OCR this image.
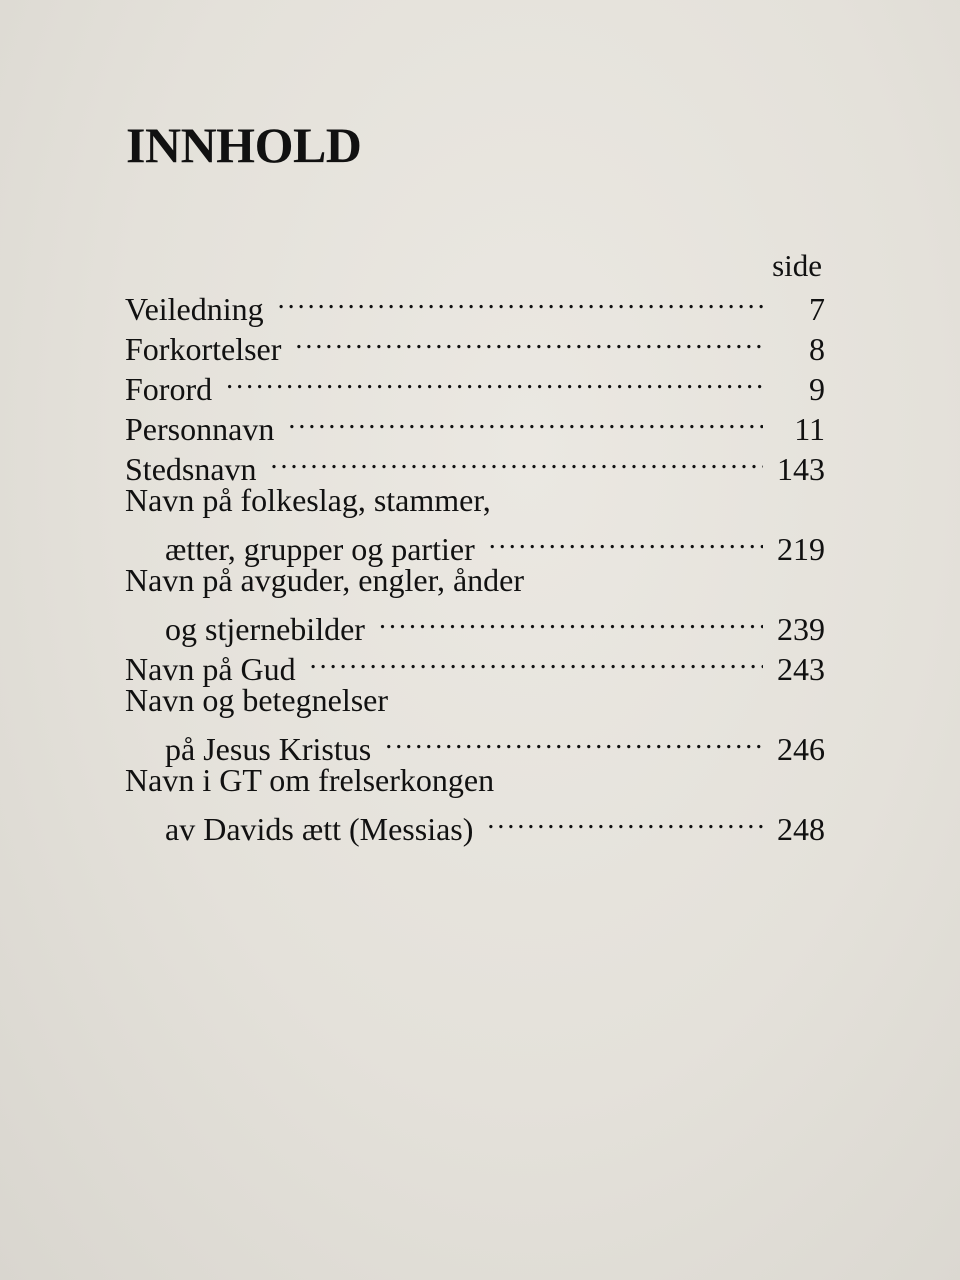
INNHOLD
side
Veiledning . . .	7
Forkortelser . . .	8
Forord . . .	9
Personnavn . . .	11
Stedsnavn . . .	143
Navn på folkeslag, stammer,
ætter, grupper og partier . . .	219
Navn på avguder, engler, ånder
og stjernebilder . . .	239
Navn på Gud . . .	243
Navn og betegnelser
på Jesus Kristus . . .	246
Navn i GT om frelserkongen
av Davids ætt (Messias) . . .	248
